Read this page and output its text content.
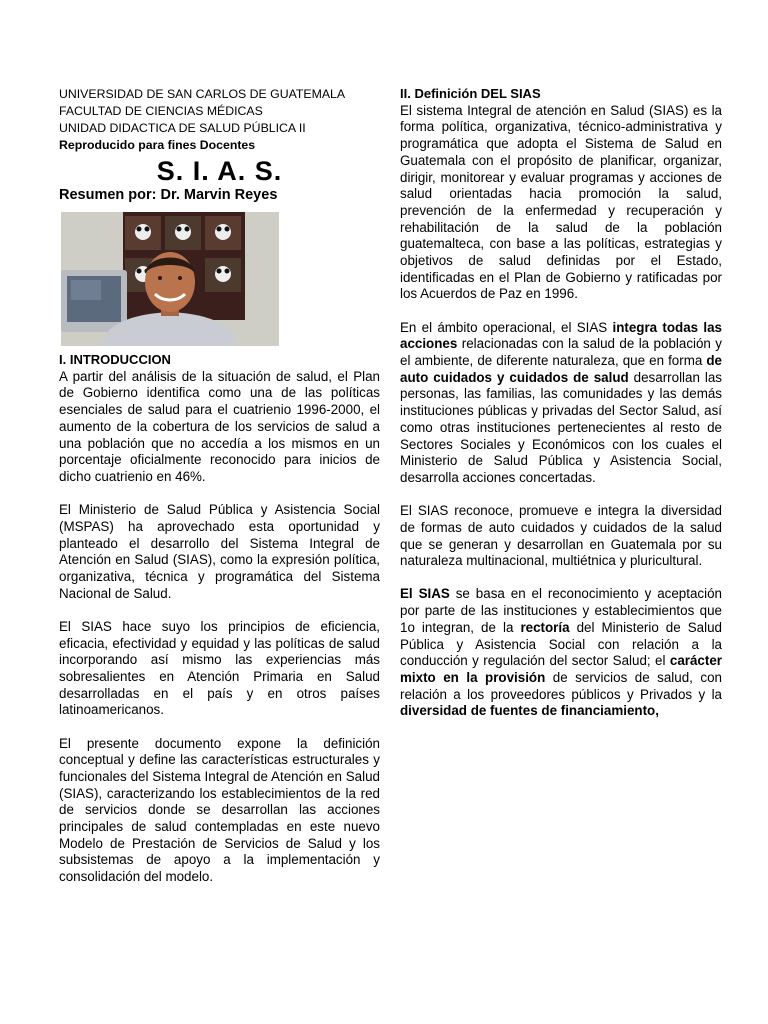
UNIVERSIDAD DE SAN CARLOS DE GUATEMALA

FACULTAD DE CIENCIAS MÉDICAS

UNIDAD DIDACTICA DE SALUD PÚBLICA II

Reproducido para fines Docentes

S. I. A. S.

Resumen por: Dr. Marvin Reyes

I. INTRODUCCION

A partir del análisis de la situación de salud, el Plan de Gobierno identifica como una de las políticas esenciales de salud para el cuatrienio 1996-2000, el aumento de la cobertura de los servicios de salud a una población que no accedía a los mismos en un porcentaje oficialmente reconocido para inicios de dicho cuatrienio en 46%.

El Ministerio de Salud Pública y Asistencia Social (MSPAS) ha aprovechado esta oportunidad y planteado el desarrollo del Sistema Integral de Atención en Salud (SIAS), como la expresión política, organizativa, técnica y programática del Sistema Nacional de Salud.

El SIAS hace suyo los principios de eficiencia, eficacia, efectividad y equidad y las políticas de salud incorporando así mismo las experiencias más sobresalientes en Atención Primaria en Salud desarrolladas en el país y en otros países latinoamericanos.

El presente documento expone la definición conceptual y define las características estructurales y funcionales del Sistema Integral de Atención en Salud (SIAS), caracterizando los establecimientos de la red de servicios donde se desarrollan las acciones principales de salud contempladas en este nuevo Modelo de Prestación de Servicios de Salud y los subsistemas de apoyo a la implementación y consolidación del modelo.

II. Definición DEL SIAS

El sistema Integral de atención en Salud (SIAS) es la forma política, organizativa, técnico-administrativa y programática que adopta el Sistema de Salud en Guatemala con el propósito de planificar, organizar, dirigir, monitorear y evaluar programas y acciones de salud orientadas hacia promoción la salud, prevención de la enfermedad y recuperación y rehabilitación de la salud de la población guatemalteca, con base a las políticas, estrategias y objetivos de salud definidas por el Estado, identificadas en el Plan de Gobierno y ratificadas por los Acuerdos de Paz en 1996.

En el ámbito operacional, el SIAS integra todas las acciones relacionadas con la salud de la población y el ambiente, de diferente naturaleza, que en forma de auto cuidados y cuidados de salud desarrollan las personas, las familias, las comunidades y las demás instituciones públicas y privadas del Sector Salud, así como otras instituciones pertenecientes al resto de Sectores Sociales y Económicos con los cuales el Ministerio de Salud Pública y Asistencia Social, desarrolla acciones concertadas.

El SIAS reconoce, promueve e integra la diversidad de formas de auto cuidados y cuidados de la salud que se generan y desarrollan en Guatemala por su naturaleza multinacional, multiétnica y pluricultural.

El SIAS se basa en el reconocimiento y aceptación por parte de las instituciones y establecimientos que 1o integran, de la rectoría del Ministerio de Salud Pública y Asistencia Social con relación a la conducción y regulación del sector Salud; el carácter mixto en la provisión de servicios de salud, con relación a los proveedores públicos y Privados y la diversidad de fuentes de financiamiento,
